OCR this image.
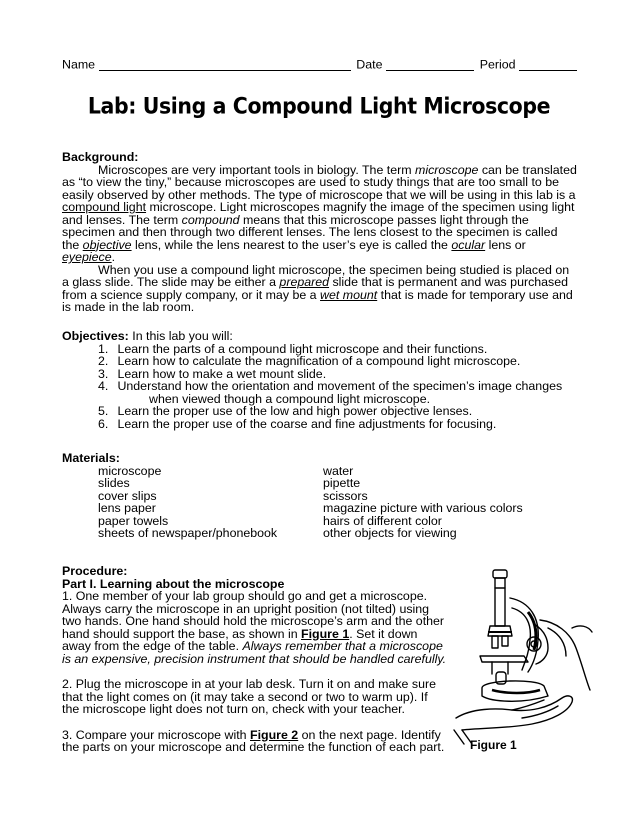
Name	Date	Period
Lab: Using a Compound Light Microscope
Background:
Microscopes are very important tools in biology. The term microscope can be translated as “to view the tiny,” because microscopes are used to study things that are too small to be easily observed by other methods. The type of microscope that we will be using in this lab is a compound light microscope. Light microscopes magnify the image of the specimen using light and lenses. The term compound means that this microscope passes light through the specimen and then through two different lenses. The lens closest to the specimen is called the objective lens, while the lens nearest to the user’s eye is called the ocular lens or eyepiece.
When you use a compound light microscope, the specimen being studied is placed on a glass slide. The slide may be either a prepared slide that is permanent and was purchased from a science supply company, or it may be a wet mount that is made for temporary use and is made in the lab room.
Objectives: In this lab you will:
1. Learn the parts of a compound light microscope and their functions.
2. Learn how to calculate the magnification of a compound light microscope.
3. Learn how to make a wet mount slide.
4. Understand how the orientation and movement of the specimen’s image changes
when viewed though a compound light microscope.
5. Learn the proper use of the low and high power objective lenses.
6. Learn the proper use of the coarse and fine adjustments for focusing.
Materials:
microscope	water
slides	pipette
cover slips	scissors
lens paper	magazine picture with various colors
paper towels	hairs of different color
sheets of newspaper/phonebook	other objects for viewing
Procedure:
Part I. Learning about the microscope
1. One member of your lab group should go and get a microscope. Always carry the microscope in an upright position (not tilted) using two hands. One hand should hold the microscope’s arm and the other hand should support the base, as shown in Figure 1. Set it down away from the edge of the table. Always remember that a microscope is an expensive, precision instrument that should be handled carefully.
2. Plug the microscope in at your lab desk. Turn it on and make sure that the light comes on (it may take a second or two to warm up). If the microscope light does not turn on, check with your teacher.
3. Compare your microscope with Figure 2 on the next page. Identify the parts on your microscope and determine the function of each part.	Figure 1
